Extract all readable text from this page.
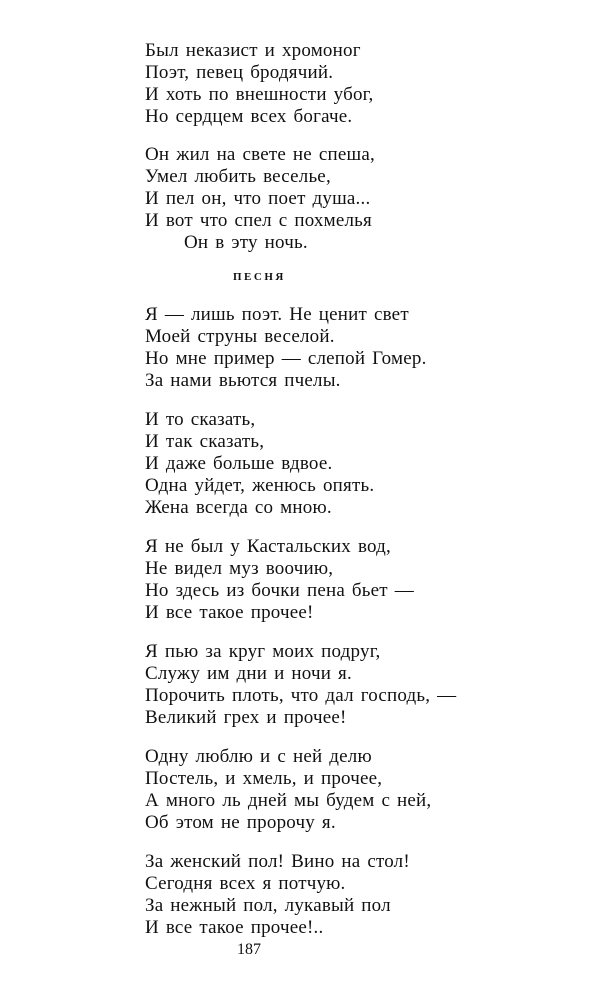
Был неказист и хромоног
Поэт, певец бродячий.
И хоть по внешности убог,
Но сердцем всех богаче.
Он жил на свете не спеша,
Умел любить веселье,
И пел он, что поет душа...
И вот что спел с похмелья
Он в эту ночь.
ПЕСНЯ
Я — лишь поэт. Не ценит свет
Моей струны веселой.
Но мне пример — слепой Гомер.
За нами вьются пчелы.
И то сказать,
И так сказать,
И даже больше вдвое.
Одна уйдет, женюсь опять.
Жена всегда со мною.
Я не был у Кастальских вод,
Не видел муз воочию,
Но здесь из бочки пена бьет —
И все такое прочее!
Я пью за круг моих подруг,
Служу им дни и ночи я.
Порочить плоть, что дал господь, —
Великий грех и прочее!
Одну люблю и с ней делю
Постель, и хмель, и прочее,
А много ль дней мы будем с ней,
Об этом не пророчу я.
За женский пол! Вино на стол!
Сегодня всех я потчую.
За нежный пол, лукавый пол
И все такое прочее!..
187
